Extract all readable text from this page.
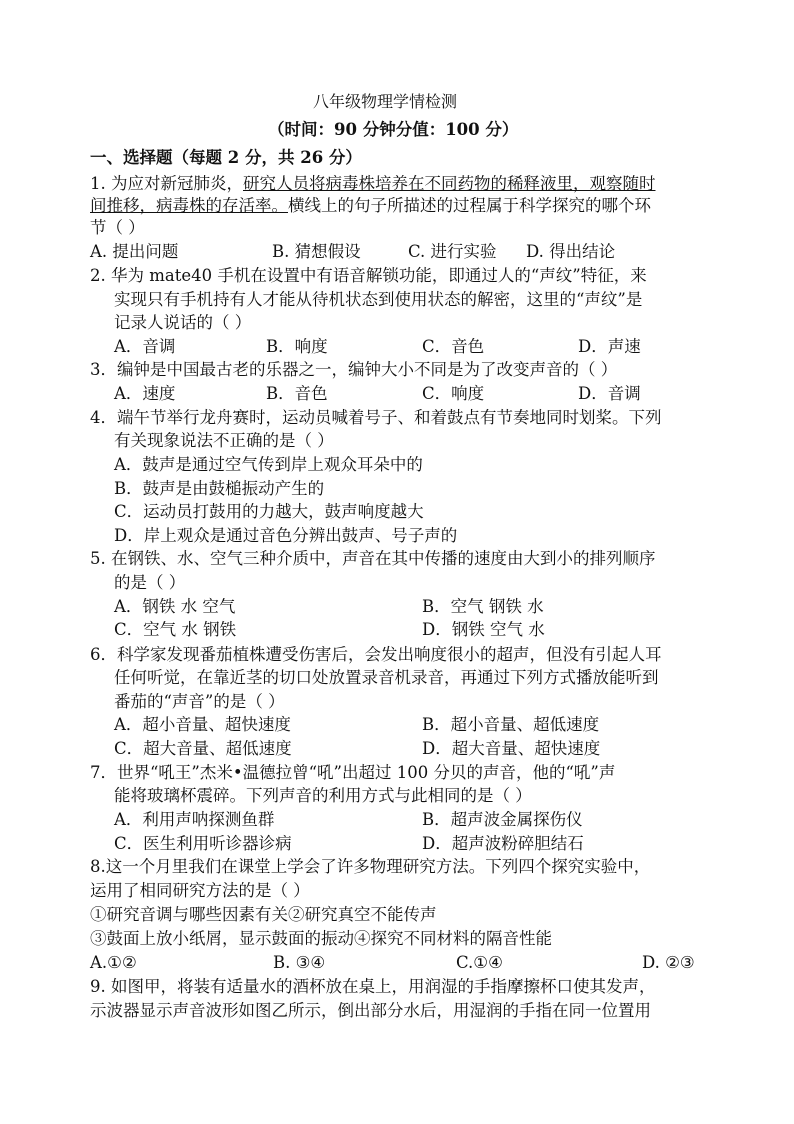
八年级物理学情检测
（时间：90 分钟分值：100 分）
一、选择题（每题 2 分，共 26 分）
1. 为应对新冠肺炎，研究人员将病毒株培养在不同药物的稀释液里，观察随时
间推移，病毒株的存活率。横线上的句子所描述的过程属于科学探究的哪个环
节（ ）
A. 提出问题	B. 猜想假设	C. 进行实验 D. 得出结论
2. 华为 mate40 手机在设置中有语音解锁功能，即通过人的“声纹”特征，来
实现只有手机持有人才能从待机状态到使用状态的解密，这里的“声纹”是
记录人说话的（ ）
A．音调	B．响度	C．音色	D．声速
3．编钟是中国最古老的乐器之一，编钟大小不同是为了改变声音的（ ）
A．速度	B．音色	C．响度	D．音调
4．端午节举行龙舟赛时，运动员喊着号子、和着鼓点有节奏地同时划桨。下列
有关现象说法不正确的是（ ）
A．鼓声是通过空气传到岸上观众耳朵中的
B．鼓声是由鼓槌振动产生的
C．运动员打鼓用的力越大，鼓声响度越大
D．岸上观众是通过音色分辨出鼓声、号子声的
5. 在钢铁、水、空气三种介质中，声音在其中传播的速度由大到小的排列顺序
的是（ ）
A．钢铁 水 空气	B．空气 钢铁 水
C．空气 水 钢铁	D．钢铁 空气 水
6．科学家发现番茄植株遭受伤害后，会发出响度很小的超声，但没有引起人耳
任何听觉，在靠近茎的切口处放置录音机录音，再通过下列方式播放能听到
番茄的“声音”的是（ ）
A．超小音量、超快速度	B．超小音量、超低速度
C．超大音量、超低速度	D．超大音量、超快速度
7．世界“吼王”杰米•温德拉曾“吼”出超过 100 分贝的声音，他的“吼”声
能将玻璃杯震碎。下列声音的利用方式与此相同的是（ ）
A．利用声呐探测鱼群	B．超声波金属探伤仪
C．医生利用听诊器诊病	D．超声波粉碎胆结石
8.这一个月里我们在课堂上学会了许多物理研究方法。下列四个探究实验中，
运用了相同研究方法的是（ ）
①研究音调与哪些因素有关②研究真空不能传声
③鼓面上放小纸屑，显示鼓面的振动④探究不同材料的隔音性能
A.①②	B. ③④	C.①④	D. ②③
9. 如图甲，将装有适量水的酒杯放在桌上，用润湿的手指摩擦杯口使其发声，
示波器显示声音波形如图乙所示，倒出部分水后，用湿润的手指在同一位置用
